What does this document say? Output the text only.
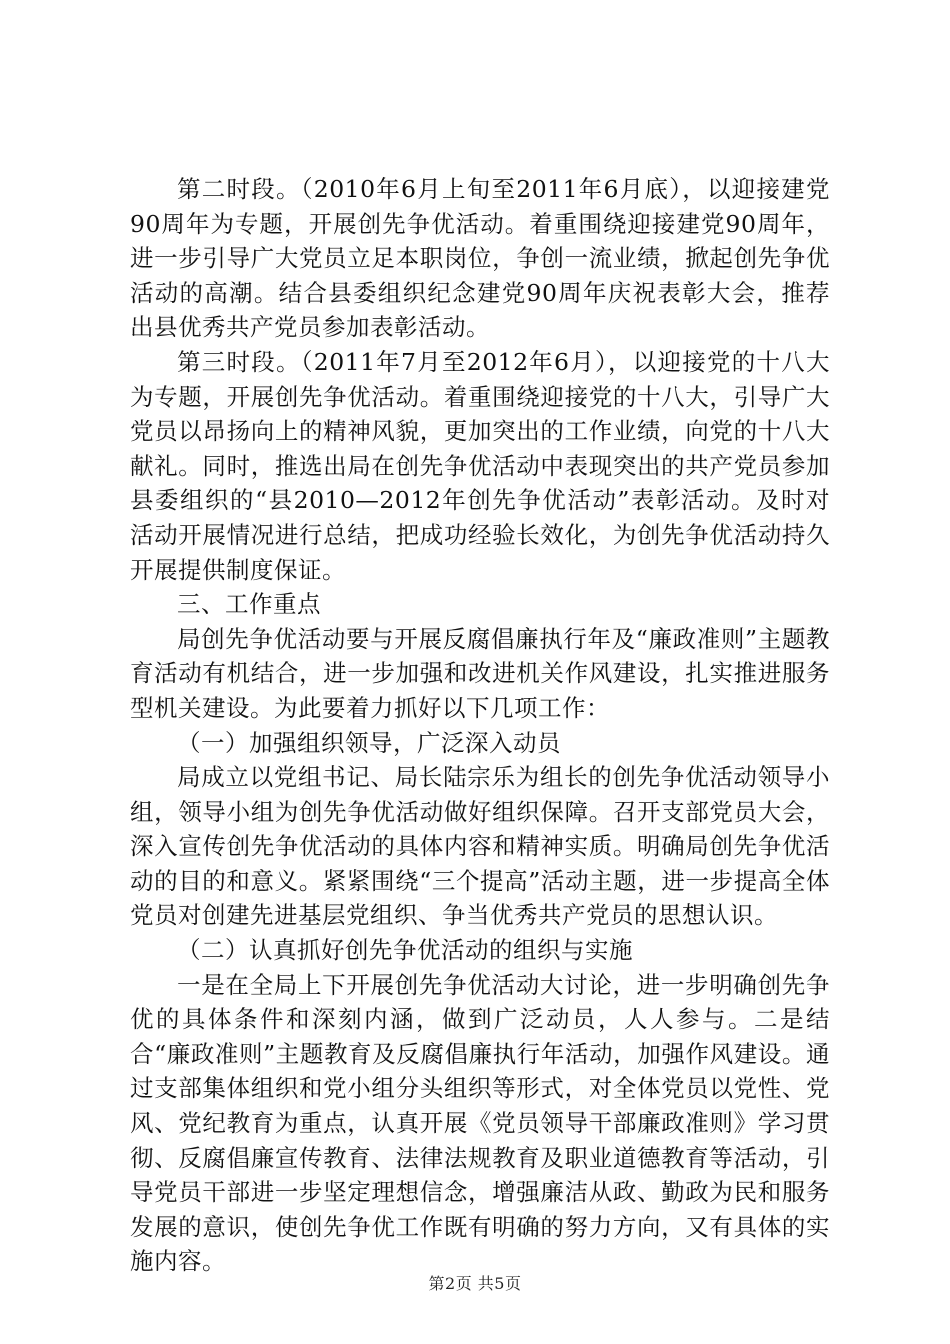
第二时段。（2010年6月上旬至2011年6月底），以迎接建党90周年为专题，开展创先争优活动。着重围绕迎接建党90周年，进一步引导广大党员立足本职岗位，争创一流业绩，掀起创先争优活动的高潮。结合县委组织纪念建党90周年庆祝表彰大会，推荐出县优秀共产党员参加表彰活动。

第三时段。（2011年7月至2012年6月），以迎接党的十八大为专题，开展创先争优活动。着重围绕迎接党的十八大，引导广大党员以昂扬向上的精神风貌，更加突出的工作业绩，向党的十八大献礼。同时，推选出局在创先争优活动中表现突出的共产党员参加县委组织的“县2010—2012年创先争优活动”表彰活动。及时对活动开展情况进行总结，把成功经验长效化，为创先争优活动持久开展提供制度保证。

三、工作重点

局创先争优活动要与开展反腐倡廉执行年及“廉政准则”主题教育活动有机结合，进一步加强和改进机关作风建设，扎实推进服务型机关建设。为此要着力抓好以下几项工作：

（一）加强组织领导，广泛深入动员

局成立以党组书记、局长陆宗乐为组长的创先争优活动领导小组，领导小组为创先争优活动做好组织保障。召开支部党员大会，深入宣传创先争优活动的具体内容和精神实质。明确局创先争优活动的目的和意义。紧紧围绕“三个提高”活动主题，进一步提高全体党员对创建先进基层党组织、争当优秀共产党员的思想认识。

（二）认真抓好创先争优活动的组织与实施

一是在全局上下开展创先争优活动大讨论，进一步明确创先争优的具体条件和深刻内涵，做到广泛动员，人人参与。二是结合“廉政准则”主题教育及反腐倡廉执行年活动，加强作风建设。通过支部集体组织和党小组分头组织等形式，对全体党员以党性、党风、党纪教育为重点，认真开展《党员领导干部廉政准则》学习贯彻、反腐倡廉宣传教育、法律法规教育及职业道德教育等活动，引导党员干部进一步坚定理想信念，增强廉洁从政、勤政为民和服务发展的意识，使创先争优工作既有明确的努力方向，又有具体的实施内容。

第2页 共5页
